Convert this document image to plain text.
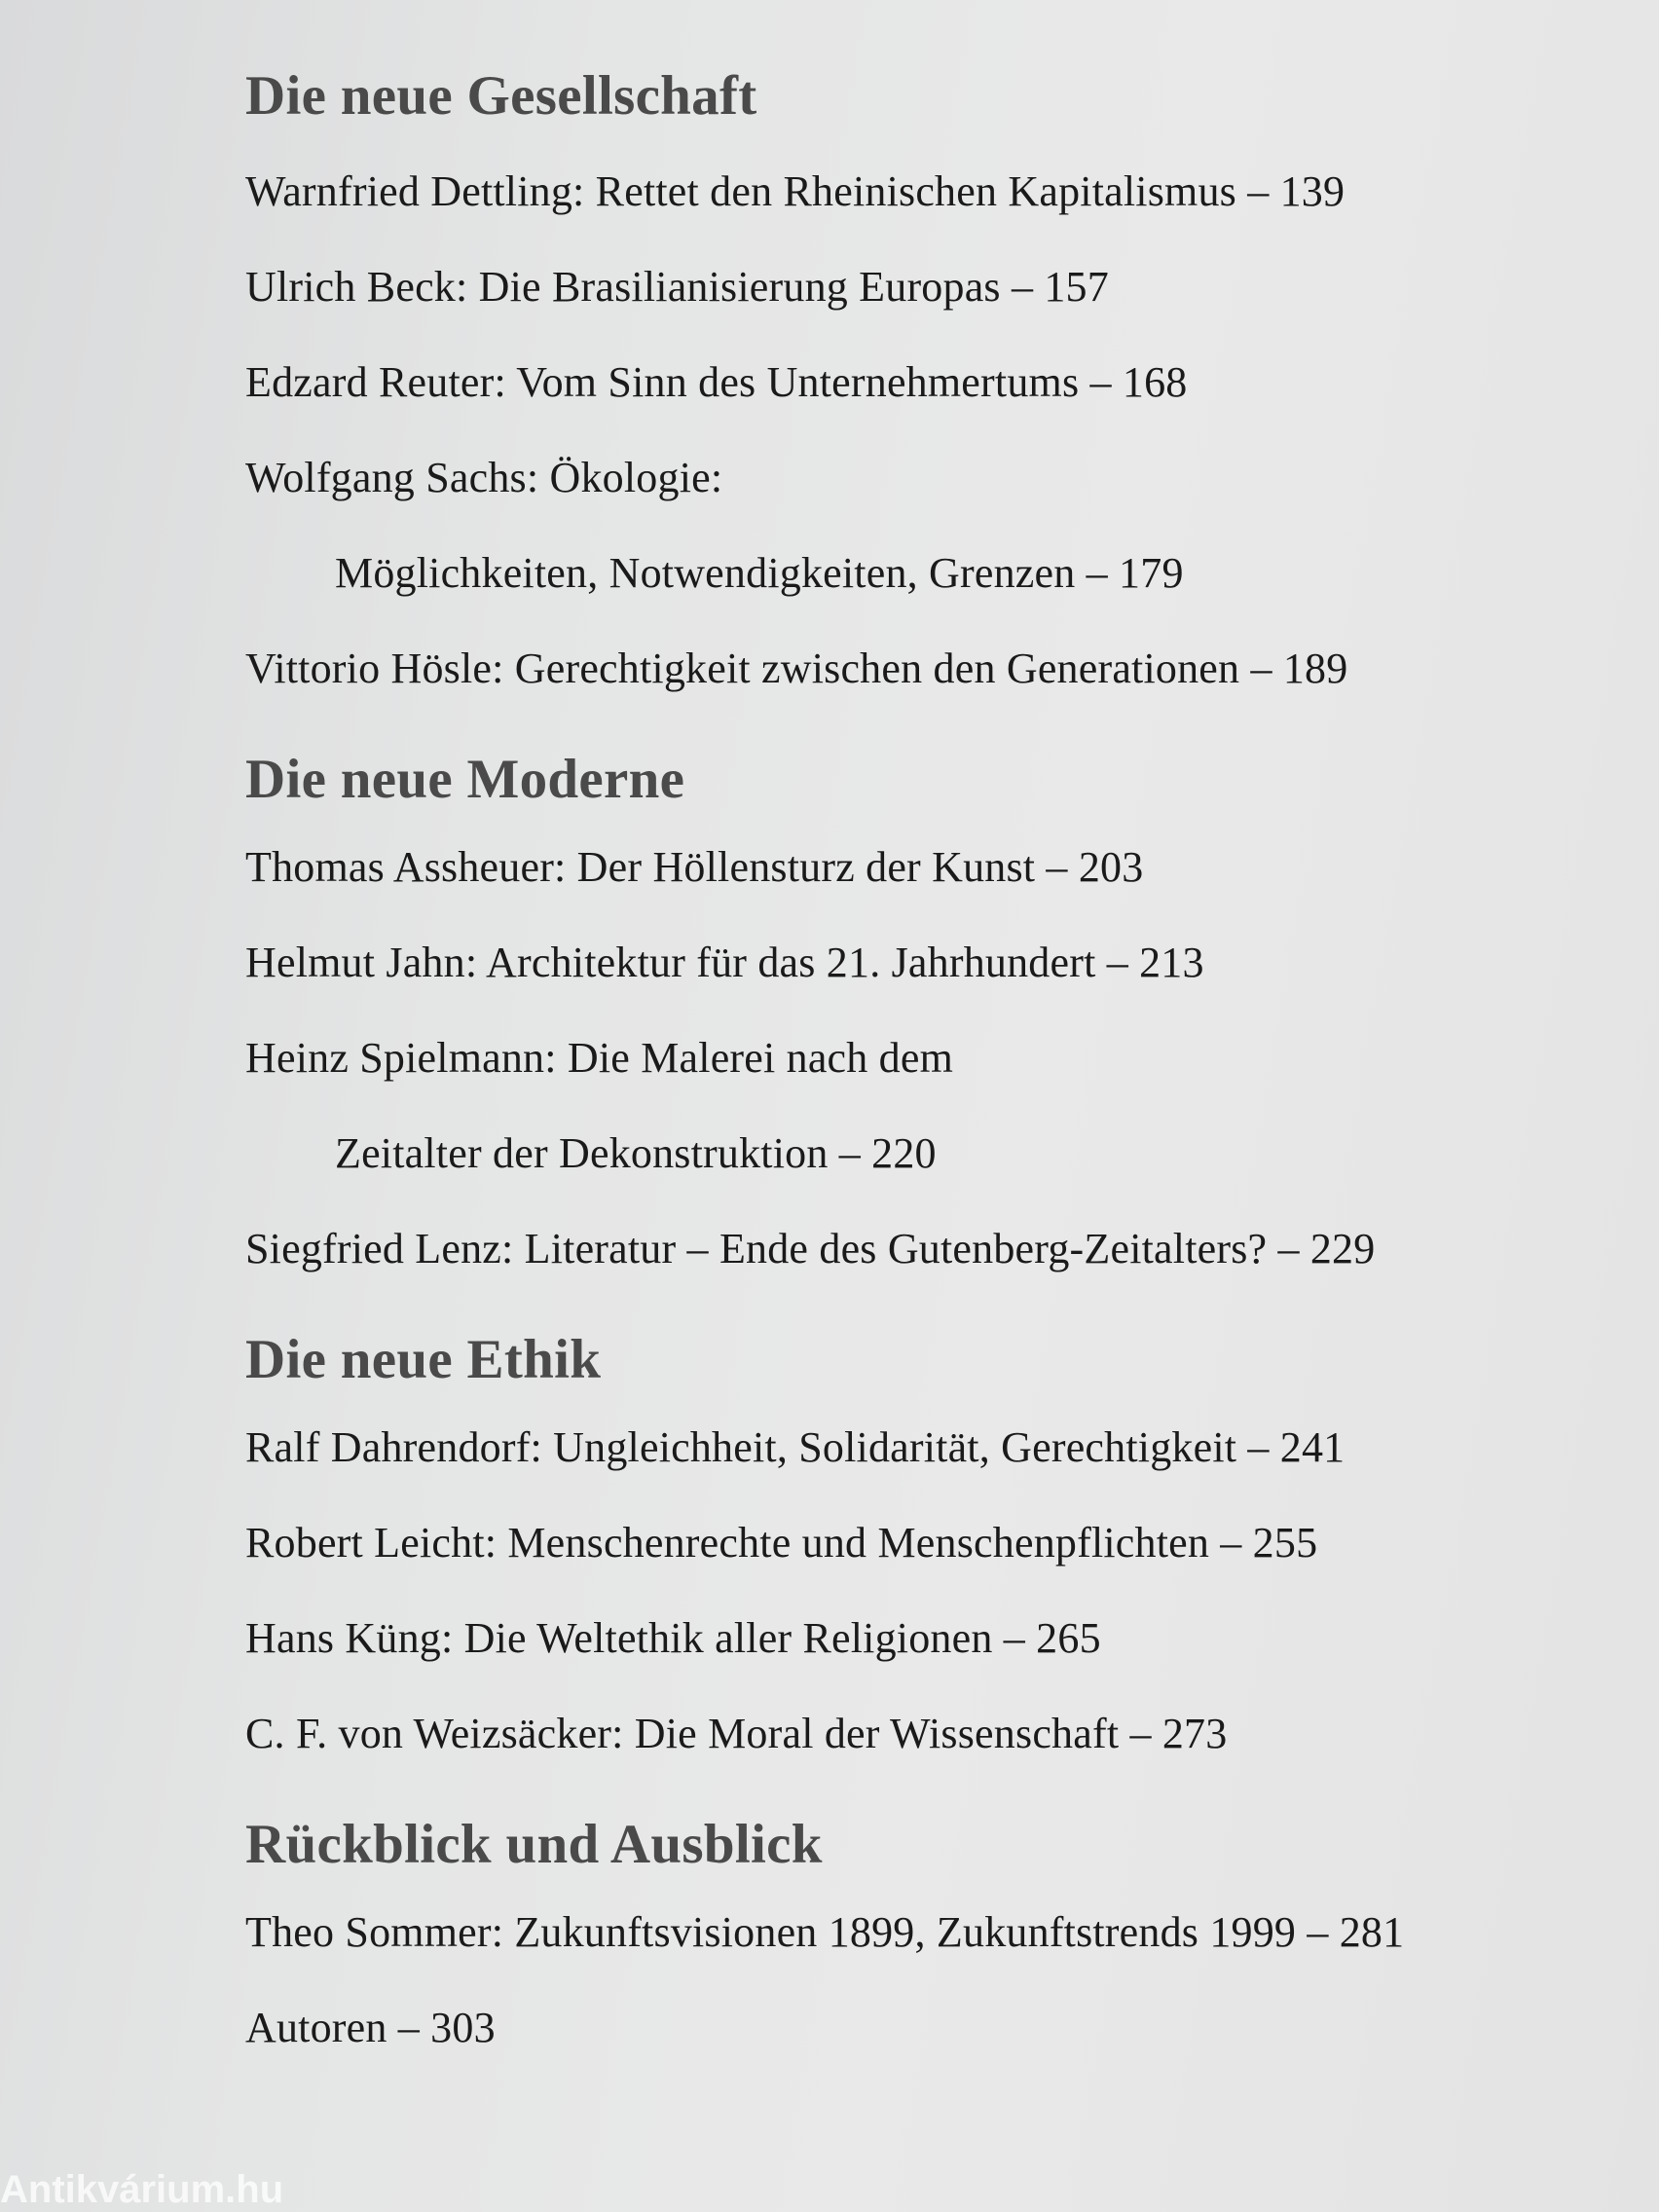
Die neue Gesellschaft
Warnfried Dettling: Rettet den Rheinischen Kapitalismus – 139
Ulrich Beck: Die Brasilianisierung Europas – 157
Edzard Reuter: Vom Sinn des Unternehmertums – 168
Wolfgang Sachs: Ökologie:
Möglichkeiten, Notwendigkeiten, Grenzen – 179
Vittorio Hösle: Gerechtigkeit zwischen den Generationen – 189
Die neue Moderne
Thomas Assheuer: Der Höllensturz der Kunst – 203
Helmut Jahn: Architektur für das 21. Jahrhundert – 213
Heinz Spielmann: Die Malerei nach dem
Zeitalter der Dekonstruktion – 220
Siegfried Lenz: Literatur – Ende des Gutenberg-Zeitalters? – 229
Die neue Ethik
Ralf Dahrendorf: Ungleichheit, Solidarität, Gerechtigkeit – 241
Robert Leicht: Menschenrechte und Menschenpflichten – 255
Hans Küng: Die Weltethik aller Religionen – 265
C. F. von Weizsäcker: Die Moral der Wissenschaft – 273
Rückblick und Ausblick
Theo Sommer: Zukunftsvisionen 1899, Zukunftstrends 1999 – 281
Autoren – 303
Antikvárium.hu
